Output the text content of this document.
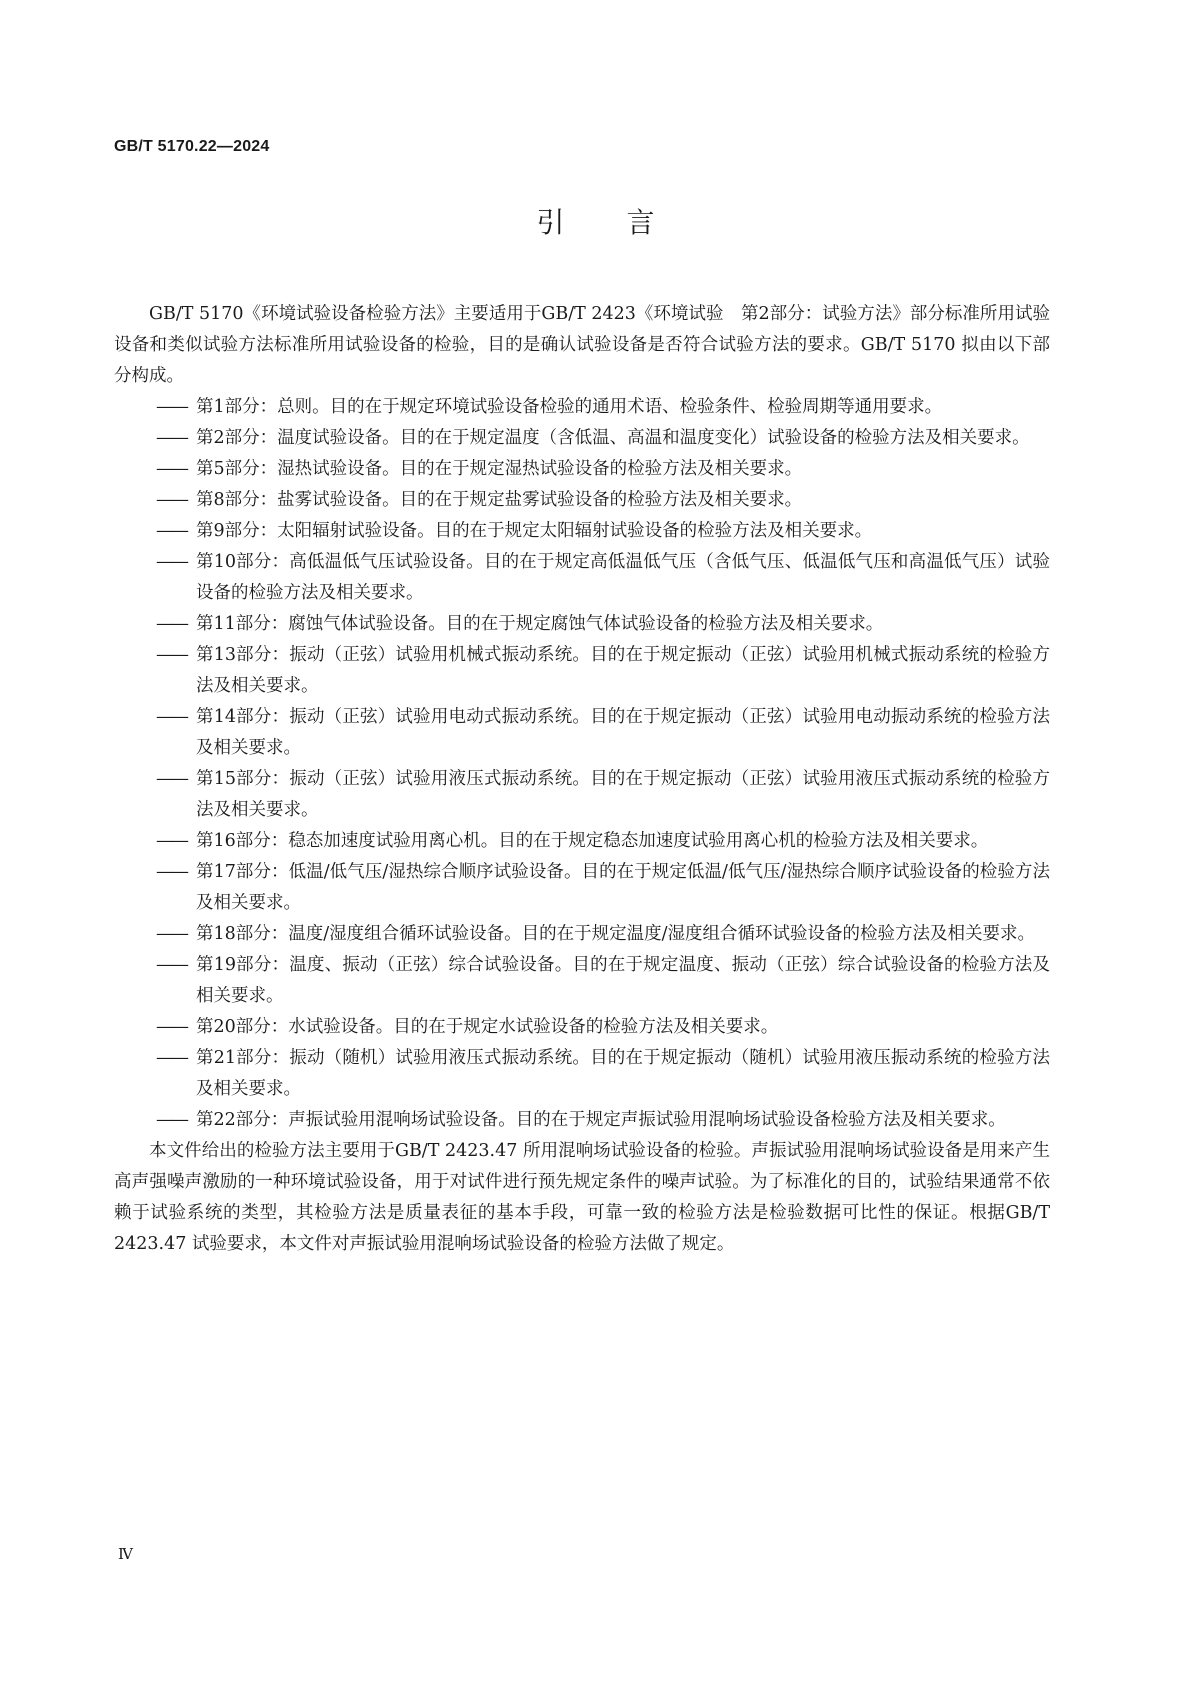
GB/T 5170.22—2024
引言

GB/T 5170《环境试验设备检验方法》主要适用于GB/T 2423《环境试验　第2部分：试验方法》部分标准所用试验设备和类似试验方法标准所用试验设备的检验，目的是确认试验设备是否符合试验方法的要求。GB/T 5170 拟由以下部分构成。

—— 第1部分：总则。目的在于规定环境试验设备检验的通用术语、检验条件、检验周期等通用要求。
—— 第2部分：温度试验设备。目的在于规定温度（含低温、高温和温度变化）试验设备的检验方法及相关要求。
—— 第5部分：湿热试验设备。目的在于规定湿热试验设备的检验方法及相关要求。
—— 第8部分：盐雾试验设备。目的在于规定盐雾试验设备的检验方法及相关要求。
—— 第9部分：太阳辐射试验设备。目的在于规定太阳辐射试验设备的检验方法及相关要求。
—— 第10部分：高低温低气压试验设备。目的在于规定高低温低气压（含低气压、低温低气压和高温低气压）试验设备的检验方法及相关要求。
—— 第11部分：腐蚀气体试验设备。目的在于规定腐蚀气体试验设备的检验方法及相关要求。
—— 第13部分：振动（正弦）试验用机械式振动系统。目的在于规定振动（正弦）试验用机械式振动系统的检验方法及相关要求。
—— 第14部分：振动（正弦）试验用电动式振动系统。目的在于规定振动（正弦）试验用电动振动系统的检验方法及相关要求。
—— 第15部分：振动（正弦）试验用液压式振动系统。目的在于规定振动（正弦）试验用液压式振动系统的检验方法及相关要求。
—— 第16部分：稳态加速度试验用离心机。目的在于规定稳态加速度试验用离心机的检验方法及相关要求。
—— 第17部分：低温/低气压/湿热综合顺序试验设备。目的在于规定低温/低气压/湿热综合顺序试验设备的检验方法及相关要求。
—— 第18部分：温度/湿度组合循环试验设备。目的在于规定温度/湿度组合循环试验设备的检验方法及相关要求。
—— 第19部分：温度、振动（正弦）综合试验设备。目的在于规定温度、振动（正弦）综合试验设备的检验方法及相关要求。
—— 第20部分：水试验设备。目的在于规定水试验设备的检验方法及相关要求。
—— 第21部分：振动（随机）试验用液压式振动系统。目的在于规定振动（随机）试验用液压振动系统的检验方法及相关要求。
—— 第22部分：声振试验用混响场试验设备。目的在于规定声振试验用混响场试验设备检验方法及相关要求。

本文件给出的检验方法主要用于GB/T 2423.47 所用混响场试验设备的检验。声振试验用混响场试验设备是用来产生高声强噪声激励的一种环境试验设备，用于对试件进行预先规定条件的噪声试验。为了标准化的目的，试验结果通常不依赖于试验系统的类型，其检验方法是质量表征的基本手段，可靠一致的检验方法是检验数据可比性的保证。根据GB/T 2423.47 试验要求，本文件对声振试验用混响场试验设备的检验方法做了规定。

Ⅳ
